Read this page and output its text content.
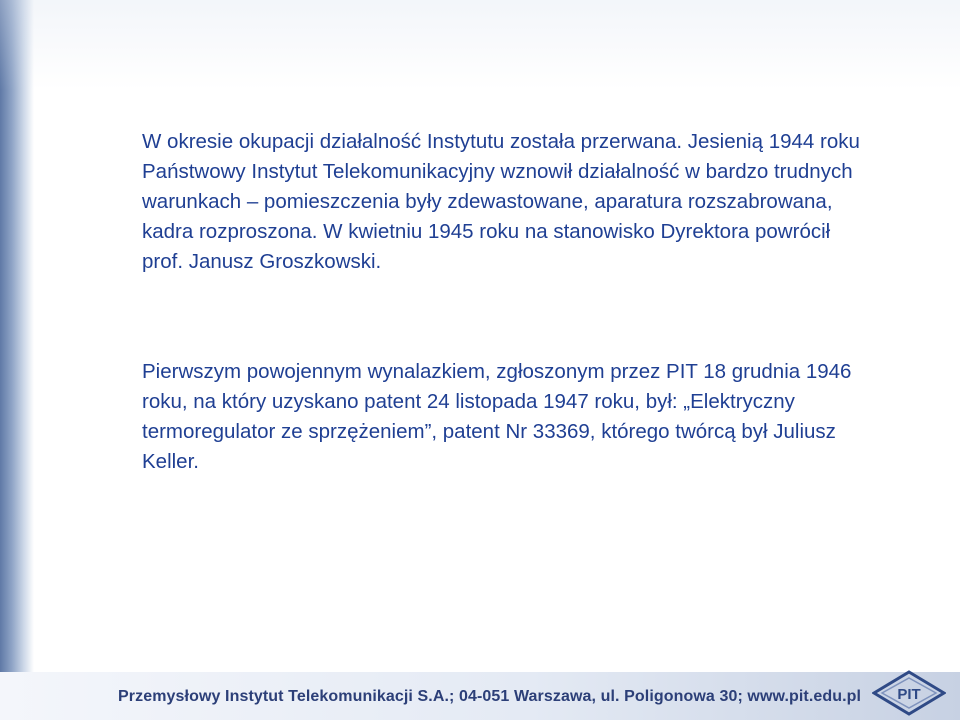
W okresie okupacji działalność Instytutu została przerwana. Jesienią 1944 roku Państwowy Instytut Telekomunikacyjny wznowił działalność w bardzo trudnych warunkach – pomieszczenia były zdewastowane, aparatura rozszabrowana, kadra rozproszona. W kwietniu 1945 roku na stanowisko Dyrektora powrócił prof. Janusz Groszkowski.

Pierwszym powojennym wynalazkiem, zgłoszonym przez PIT 18 grudnia 1946 roku, na który uzyskano patent 24 listopada 1947 roku, był: „Elektryczny termoregulator ze sprzężeniem”, patent Nr 33369, którego twórcą był Juliusz Keller.

Przemysłowy Instytut Telekomunikacji S.A.; 04-051 Warszawa, ul. Poligonowa 30; www.pit.edu.pl PIT
